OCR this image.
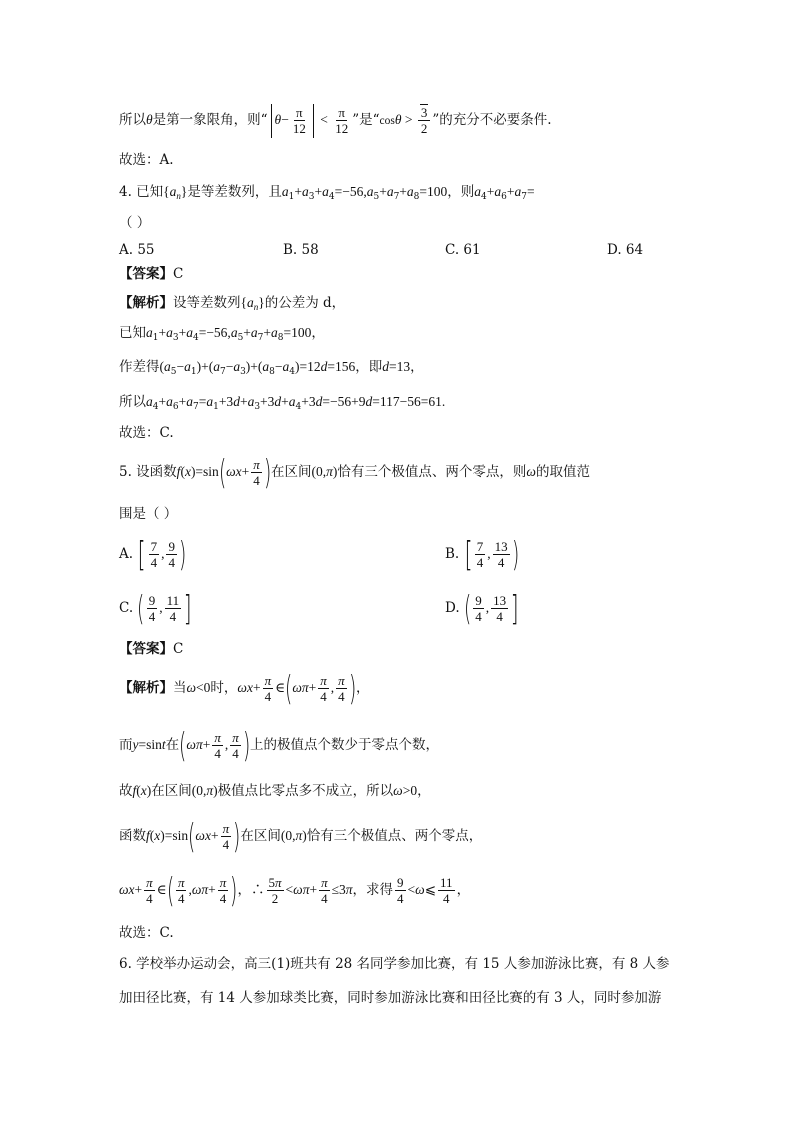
所以θ是第一象限角，则“ $\theta- \frac{\pi}{12} < \frac{\pi}{12}$ ”是“$\cos\theta > \frac{3}{2}$ ”的充分不必要条件.
故选：A.
4. 已知$\{a_n\}$是等差数列，且$a_1+a_3+a_4=-56,a_5+a_7+a_8=100$，则$a_4+a_6+a_7=$
（ ）
A. 55	B. 58	C. 61	D. 64
【答案】C
【解析】设等差数列$\{a_n\}$的公差为 d，
已知$a_1+a_3+a_4=-56,a_5+a_7+a_8=100$，
作差得$(a_5-a_1)+(a_7-a_3)+(a_8-a_4)=12d=156$，即d=13，
所以$a_4+a_6+a_7=a_1+3d+a_3+3d+a_4+3d=-56+9d=117-56=61$.
故选：C.
5. 设函数$f(x)=\sin(\omega x+ \frac{\pi}{4}$ )在区间(0,π)恰有三个极值点、两个零点，则ω的取值范
围是（ ）
A. [ $\frac{7}{4}$ , $\frac{9}{4}$ )	B. [ $\frac{7}{4}$ , $\frac{13}{4}$ )
C. ( $\frac{9}{4}$ , $\frac{11}{4}$ ]	D. ( $\frac{9}{4}$ , $\frac{13}{4}$ ]
【答案】C
【解析】当ω<0时，$\omega x+ \frac{\pi}{4}$ ∈(ωπ+ $\frac{\pi}{4}$ , $\frac{\pi}{4}$ )，
而y=sint在($\omega\pi+ \frac{\pi}{4}$ , $\frac{\pi}{4}$ )上的极值点个数少于零点个数，
故f(x)在区间(0,π)极值点比零点多不成立，所以ω>0，
函数$f(x)=\sin(\omega x+ \frac{\pi}{4}$ )在区间(0,π)恰有三个极值点、两个零点，
$\omega x+ \frac{\pi}{4}$ ∈( $\frac{\pi}{4} ,\omega\pi+ \frac{\pi}{4}$ )，∴ $\frac{5\pi}{2} <\omega\pi+ \frac{\pi}{4} \le 3\pi$，求得 $\frac{9}{4}$ <ω⩽ $\frac{11}{4}$ ，
故选：C.
6. 学校举办运动会，高三(1)班共有 28 名同学参加比赛，有 15 人参加游泳比赛，有 8 人参
加田径比赛，有 14 人参加球类比赛，同时参加游泳比赛和田径比赛的有 3 人，同时参加游
